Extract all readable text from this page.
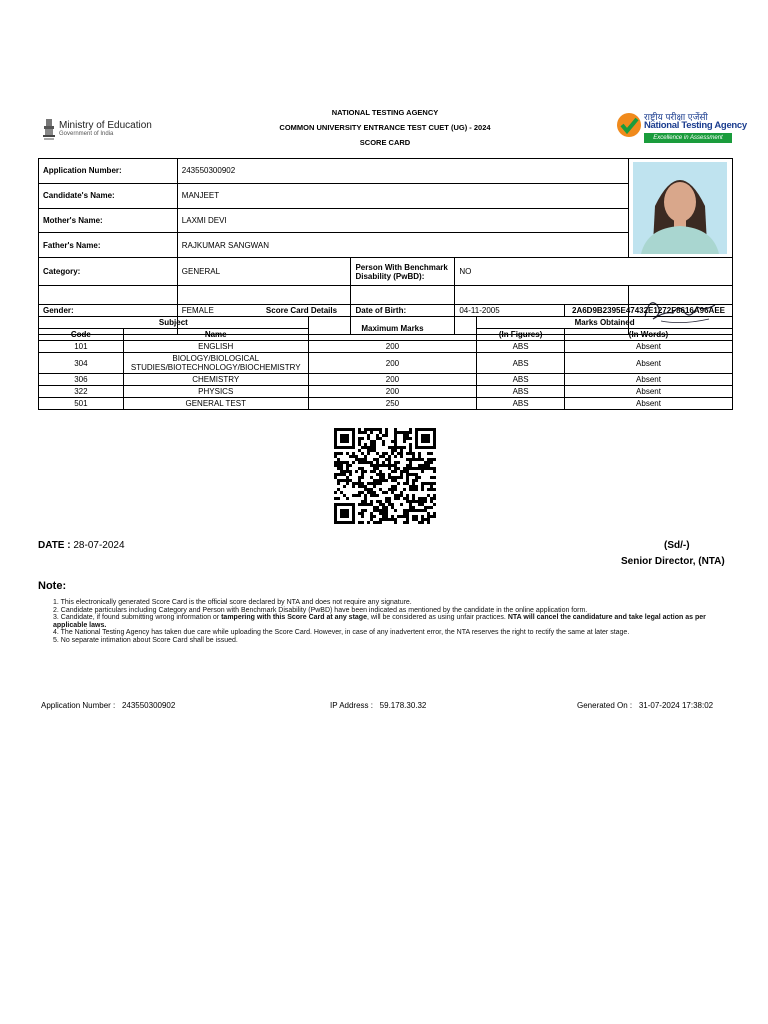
Ministry of Education
Government of India
NATIONAL TESTING AGENCY
COMMON UNIVERSITY ENTRANCE TEST CUET (UG) - 2024
SCORE CARD
राष्ट्रीय परीक्षा एजेंसी
National Testing Agency
Excellence in Assessment
Application Number:	243550300902	

Candidate's Name:	MANJEET			
Mother's Name:	LAXMI DEVI			
Father's Name:	RAJKUMAR SANGWAN			
Category:	GENERAL	Person With Benchmark Disability (PwBD):	NO	
Gender:	FEMALE	Date of Birth:	04-11-2005	
Score Card Details				2A6D9B2395E47432E1272F8616A96AEE
Subject		Maximum Marks	Marks Obtained	
Code	Name		(In Figures)	(In Words)
101	ENGLISH	200	ABS	Absent
304	BIOLOGY/BIOLOGICAL STUDIES/BIOTECHNOLOGY/BIOCHEMISTRY	200	ABS	Absent
306	CHEMISTRY	200	ABS	Absent
322	PHYSICS	200	ABS	Absent
501	GENERAL TEST	250	ABS	Absent
DATE : 28-07-2024	(Sd/-)
Senior Director, (NTA)
Note:
1. This electronically generated Score Card is the official score declared by NTA and does not require any signature.
2. Candidate particulars including Category and Person with Benchmark Disability (PwBD) have been indicated as mentioned by the candidate in the online application form.
3. Candidate, if found submitting wrong information or tampering with this Score Card at any stage, will be considered as using unfair practices. NTA will cancel the candidature and take legal action as per applicable laws.
4. The National Testing Agency has taken due care while uploading the Score Card. However, in case of any inadvertent error, the NTA reserves the right to rectify the same at later stage.
5. No separate intimation about Score Card shall be issued.
Application Number : 243550300902	IP Address : 59.178.30.32	Generated On : 31-07-2024 17:38:02
